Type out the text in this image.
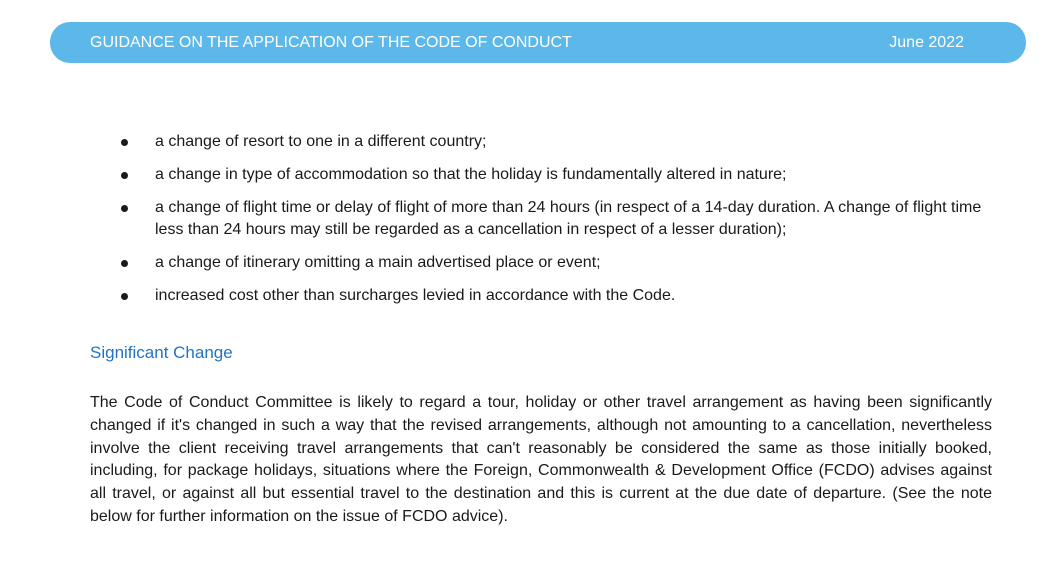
GUIDANCE ON THE APPLICATION OF THE CODE OF CONDUCT	June 2022
a change of resort to one in a different country;
a change in type of accommodation so that the holiday is fundamentally altered in nature;
a change of flight time or delay of flight of more than 24 hours (in respect of a 14-day duration. A change of flight time less than 24 hours may still be regarded as a cancellation in respect of a lesser duration);
a change of itinerary omitting a main advertised place or event;
increased cost other than surcharges levied in accordance with the Code.
Significant Change

The Code of Conduct Committee is likely to regard a tour, holiday or other travel arrangement as having been significantly changed if it's changed in such a way that the revised arrangements, although not amounting to a cancellation, nevertheless involve the client receiving travel arrangements that can't reasonably be considered the same as those initially booked, including, for package holidays, situations where the Foreign, Commonwealth & Development Office (FCDO) advises against all travel, or against all but essential travel to the destination and this is current at the due date of departure. (See the note below for further information on the issue of FCDO advice).
